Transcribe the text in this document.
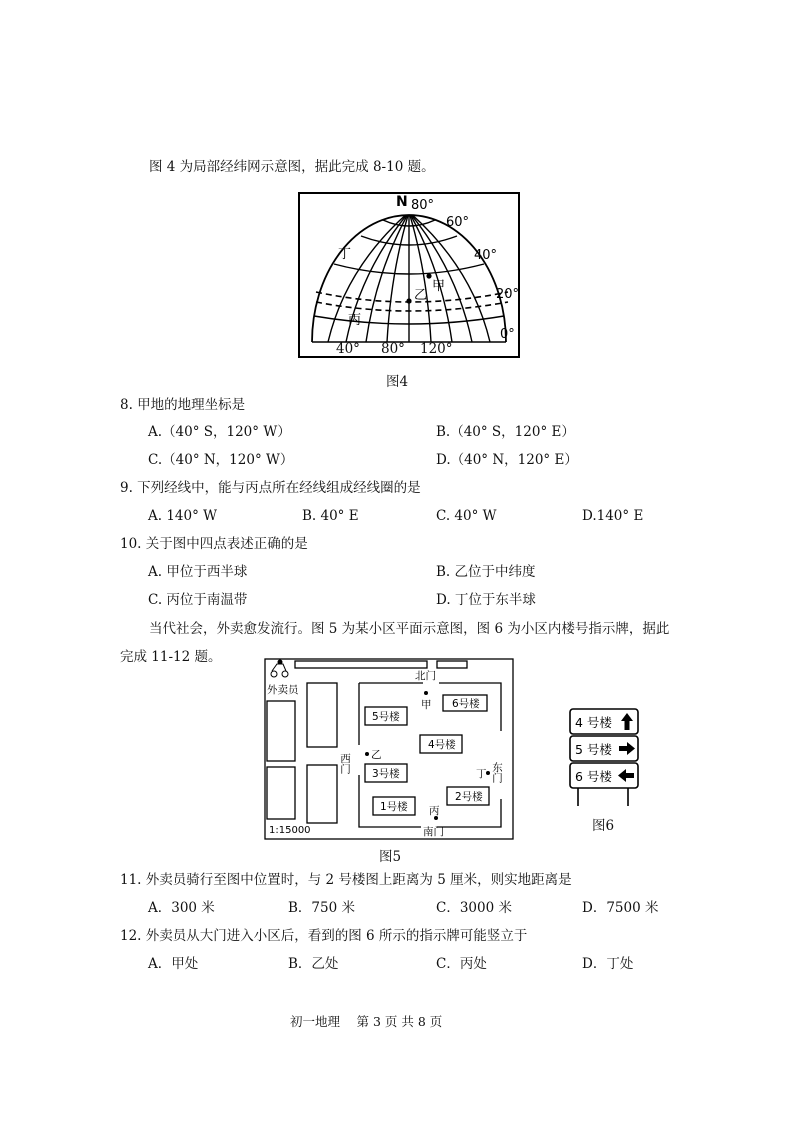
图 4 为局部经纬网示意图，据此完成 8-10 题。
N 80°
60°
40°
20°
0°
丁
甲
乙
丙
40° 80° 120°
图4
8. 甲地的地理坐标是
A.（40° S，120° W）	B.（40° S，120° E）
C.（40° N，120° W）	D.（40° N，120° E）
9. 下列经线中，能与丙点所在经线组成经线圈的是
A. 140° W	B. 40° E	C. 40° W	D.140° E
10. 关于图中四点表述正确的是
A. 甲位于西半球	B. 乙位于中纬度
C. 丙位于南温带	D. 丁位于东半球
当代社会，外卖愈发流行。图 5 为某小区平面示意图，图 6 为小区内楼号指示牌，据此
完成 11-12 题。
5号楼
6号楼
4号楼
3号楼
2号楼
1号楼
北门
南门
西门	东门
甲
乙
丙
丁
外卖员
1:15000
图5
4 号楼
5 号楼
6 号楼
图6
11. 外卖员骑行至图中位置时，与 2 号楼图上距离为 5 厘米，则实地距离是
A．300 米	B．750 米	C．3000 米	D．7500 米
12. 外卖员从大门进入小区后，看到的图 6 所示的指示牌可能竖立于
A．甲处	B．乙处	C．丙处	D．丁处
初一地理　 第 3 页 共 8 页
